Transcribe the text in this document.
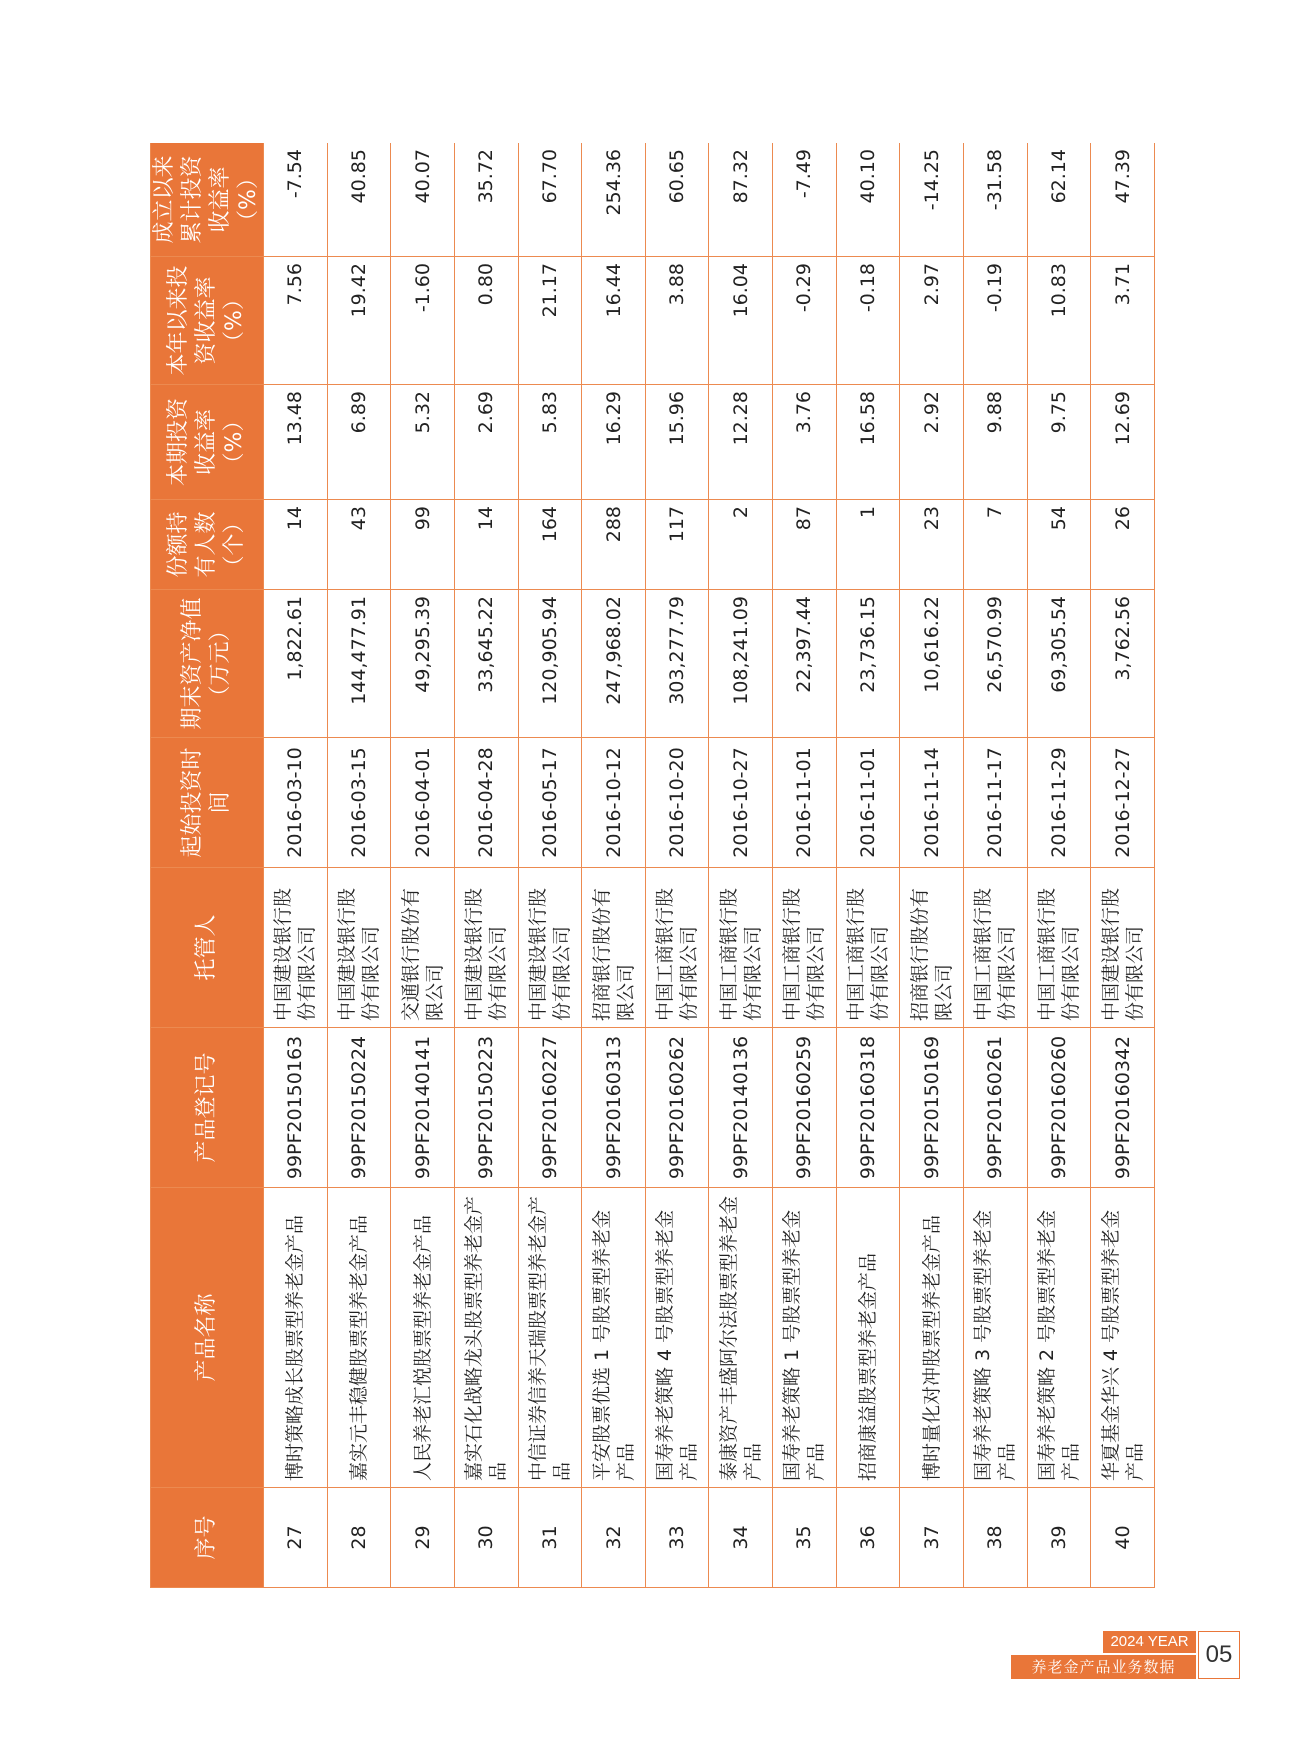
序号	产品名称	产品登记号	托管人	起始投资时间	期末资产净值（万元）	份额持有人数（个）	本期投资收益率（%）	本年以来投资收益率（%）	成立以来累计投资收益率（%）
27	博时策略成长股票型养老金产品	99PF20150163	中国建设银行股份有限公司	2016-03-10	1,822.61	14	13.48	7.56	-7.54
28	嘉实元丰稳健股票型养老金产品	99PF20150224	中国建设银行股份有限公司	2016-03-15	144,477.91	43	6.89	19.42	40.85
29	人民养老汇悦股票型养老金产品	99PF20140141	交通银行股份有限公司	2016-04-01	49,295.39	99	5.32	-1.60	40.07
30	嘉实石化战略龙头股票型养老金产品	99PF20150223	中国建设银行股份有限公司	2016-04-28	33,645.22	14	2.69	0.80	35.72
31	中信证券信养天瑞股票型养老金产品	99PF20160227	中国建设银行股份有限公司	2016-05-17	120,905.94	164	5.83	21.17	67.70
32	平安股票优选 1 号股票型养老金产品	99PF20160313	招商银行股份有限公司	2016-10-12	247,968.02	288	16.29	16.44	254.36
33	国寿养老策略 4 号股票型养老金产品	99PF20160262	中国工商银行股份有限公司	2016-10-20	303,277.79	117	15.96	3.88	60.65
34	泰康资产丰盛阿尔法股票型养老金产品	99PF20140136	中国工商银行股份有限公司	2016-10-27	108,241.09	2	12.28	16.04	87.32
35	国寿养老策略 1 号股票型养老金产品	99PF20160259	中国工商银行股份有限公司	2016-11-01	22,397.44	87	3.76	-0.29	-7.49
36	招商康益股票型养老金产品	99PF20160318	中国工商银行股份有限公司	2016-11-01	23,736.15	1	16.58	-0.18	40.10
37	博时量化对冲股票型养老金产品	99PF20150169	招商银行股份有限公司	2016-11-14	10,616.22	23	2.92	2.97	-14.25
38	国寿养老策略 3 号股票型养老金产品	99PF20160261	中国工商银行股份有限公司	2016-11-17	26,570.99	7	9.88	-0.19	-31.58
39	国寿养老策略 2 号股票型养老金产品	99PF20160260	中国工商银行股份有限公司	2016-11-29	69,305.54	54	9.75	10.83	62.14
40	华夏基金华兴 4 号股票型养老金产品	99PF20160342	中国建设银行股份有限公司	2016-12-27	3,762.56	26	12.69	3.71	47.39
2024 YEAR
养老金产品业务数据	05
